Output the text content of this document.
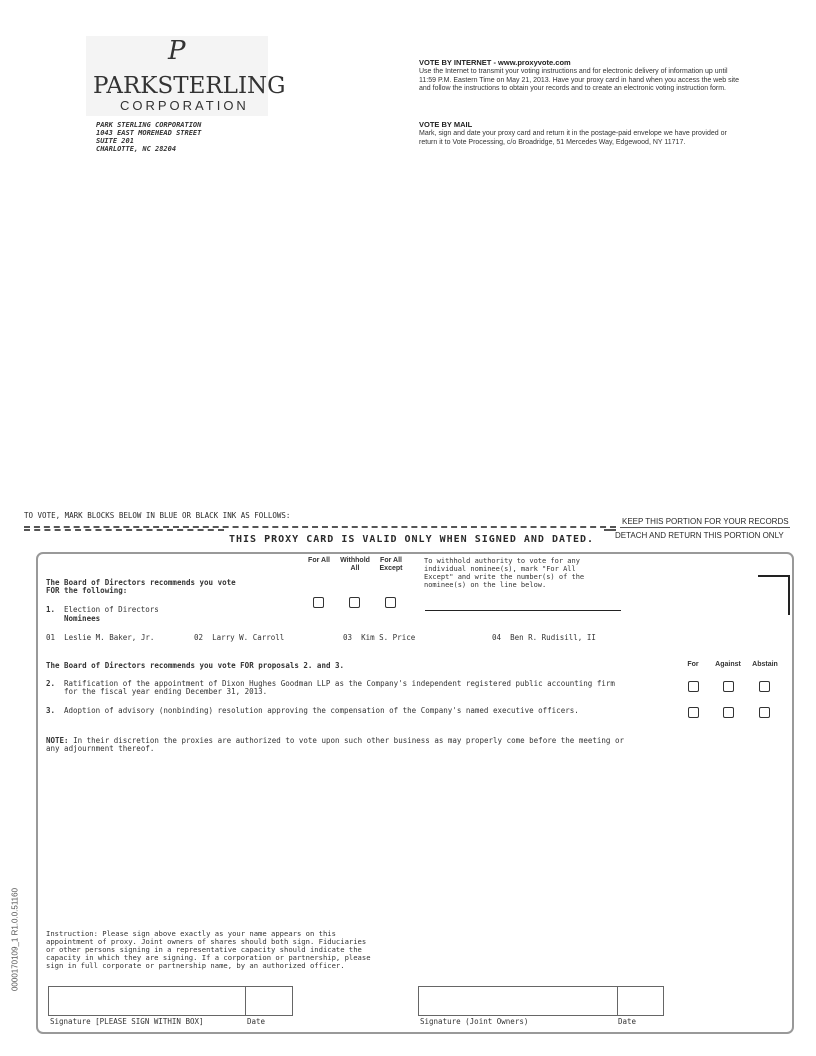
P
PARKSTERLING
CORPORATION
PARK STERLING CORPORATION
1043 EAST MOREHEAD STREET
SUITE 201
CHARLOTTE, NC 28204
VOTE BY INTERNET - www.proxyvote.com
Use the Internet to transmit your voting instructions and for electronic delivery of information up until 11:59 P.M. Eastern Time on May 21, 2013. Have your proxy card in hand when you access the web site and follow the instructions to obtain your records and to create an electronic voting instruction form.
VOTE BY MAIL
Mark, sign and date your proxy card and return it in the postage-paid envelope we have provided or return it to Vote Processing, c/o Broadridge, 51 Mercedes Way, Edgewood, NY 11717.
TO VOTE, MARK BLOCKS BELOW IN BLUE OR BLACK INK AS FOLLOWS:
KEEP THIS PORTION FOR YOUR RECORDS
THIS PROXY CARD IS VALID ONLY WHEN SIGNED AND DATED.	DETACH AND RETURN THIS PORTION ONLY
For All	Withhold All
For All Except
To withhold authority to vote for any
individual nominee(s), mark "For All
Except" and write the number(s) of the
nominee(s) on the line below.
The Board of Directors recommends you vote
FOR the following:
1. Election of Directors
Nominees
01 Leslie M. Baker, Jr.	02 Larry W. Carroll	03 Kim S. Price	04 Ben R. Rudisill, II
The Board of Directors recommends you vote FOR proposals 2. and 3.	For	Against	Abstain
2. Ratification of the appointment of Dixon Hughes Goodman LLP as the Company's independent registered public accounting firm
for the fiscal year ending December 31, 2013.
3. Adoption of advisory (nonbinding) resolution approving the compensation of the Company's named executive officers.
NOTE: In their discretion the proxies are authorized to vote upon such other business as may properly come before the meeting or
any adjournment thereof.
Instruction: Please sign above exactly as your name appears on this
appointment of proxy. Joint owners of shares should both sign. Fiduciaries
or other persons signing in a representative capacity should indicate the
capacity in which they are signing. If a corporation or partnership, please
sign in full corporate or partnership name, by an authorized officer.
Signature [PLEASE SIGN WITHIN BOX]	Date	Signature (Joint Owners)	Date
0000170109_1 R1.0.0.51160
